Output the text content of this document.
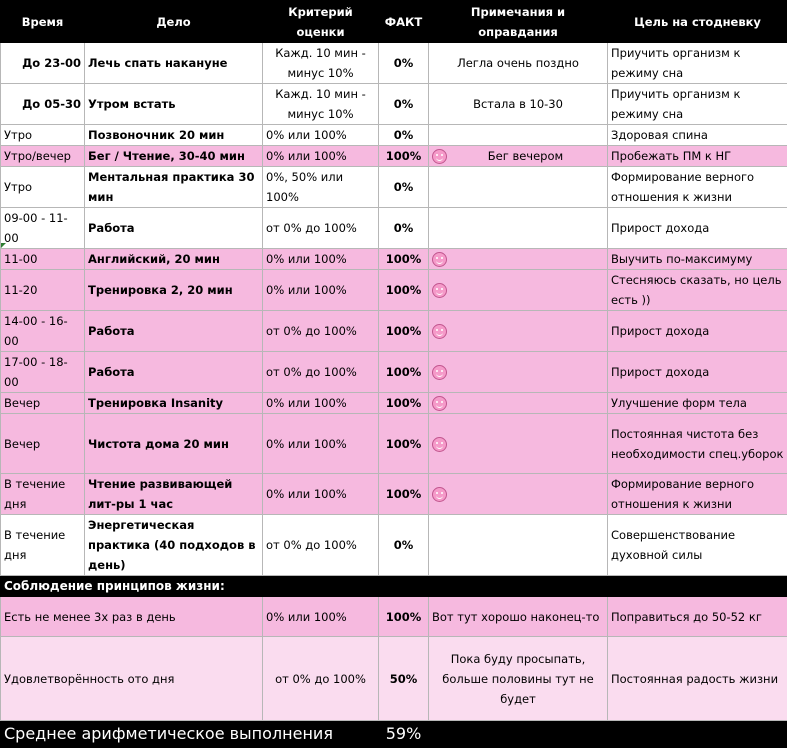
Время	Дело	Критерий оценки	ФАКТ	Примечания и оправдания	Цель на стодневку
До 23-00	Лечь спать накануне	Кажд. 10 мин - минус 10%	0%	Легла очень поздно	Приучить организм к режиму сна
До 05-30	Утром встать	Кажд. 10 мин - минус 10%	0%	Встала в 10-30	Приучить организм к режиму сна
Утро	Позвоночник 20 мин	0% или 100%	0%		Здоровая спина
Утро/вечер	Бег / Чтение, 30-40 мин	0% или 100%	100%	Бег вечером	Пробежать ПМ к НГ
Утро	Ментальная практика 30 мин	0%, 50% или 100%	0%		Формирование верного отношения к жизни
09-00 - 11-00	Работа	от 0% до 100%	0%		Прирост дохода
11-00	Английский, 20 мин	0% или 100%	100%		Выучить по-максимуму
11-20	Тренировка 2, 20 мин	0% или 100%	100%		Стесняюсь сказать, но цель есть ))
14-00 - 16-00	Работа	от 0% до 100%	100%		Прирост дохода
17-00 - 18-00	Работа	от 0% до 100%	100%		Прирост дохода
Вечер	Тренировка Insanity	0% или 100%	100%		Улучшение форм тела
Вечер	Чистота дома 20 мин	0% или 100%	100%		Постоянная чистота без необходимости спец.уборок
В течение дня	Чтение развивающей лит-ры 1 час	0% или 100%	100%		Формирование верного отношения к жизни
В течение дня	Энергетическая практика (40 подходов в день)	от 0% до 100%	0%		Совершенствование духовной силы
Соблюдение принципов жизни:					
Есть не менее 3х раз в день		0% или 100%	100%	Вот тут хорошо наконец-то	Поправиться до 50-52 кг
Удовлетворённость ото дня		от 0% до 100%	50%	Пока буду просыпать, больше половины тут не будет	Постоянная радость жизни
Среднее арифметическое выполнения			59%		
